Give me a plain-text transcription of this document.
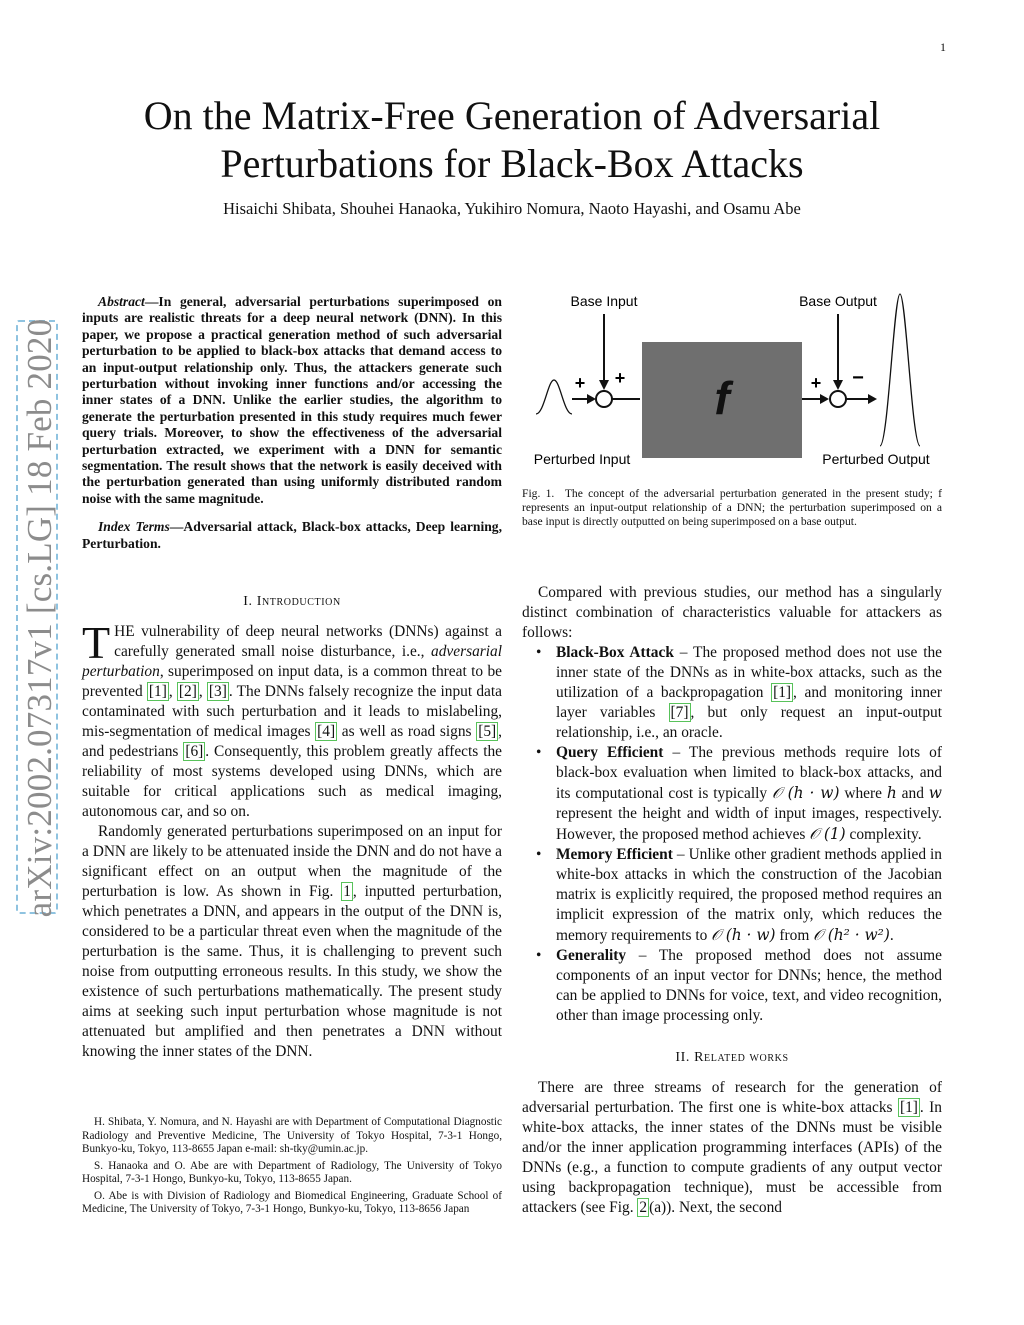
1
arXiv:2002.07317v1 [cs.LG] 18 Feb 2020
On the Matrix-Free Generation of Adversarial
Perturbations for Black-Box Attacks
Hisaichi Shibata, Shouhei Hanaoka, Yukihiro Nomura, Naoto Hayashi, and Osamu Abe
Abstract—In general, adversarial perturbations superimposed on inputs are realistic threats for a deep neural network (DNN). In this paper, we propose a practical generation method of such adversarial perturbation to be applied to black-box attacks that demand access to an input-output relationship only. Thus, the attackers generate such perturbation without invoking inner functions and/or accessing the inner states of a DNN. Unlike the earlier studies, the algorithm to generate the perturbation presented in this study requires much fewer query trials. Moreover, to show the effectiveness of the adversarial perturbation extracted, we experiment with a DNN for semantic segmentation. The result shows that the network is easily deceived with the perturbation generated than using uniformly distributed random noise with the same magnitude.
Index Terms—Adversarial attack, Black-box attacks, Deep learning, Perturbation.
I. Introduction

THE vulnerability of deep neural networks (DNNs) against a carefully generated small noise disturbance, i.e., adversarial perturbation, superimposed on input data, is a common threat to be prevented [1] , [2] , [3] . The DNNs falsely recognize the input data contaminated with such perturbation and it leads to mislabeling, mis-segmentation of medical images [4] as well as road signs [5] , and pedestrians [6] . Consequently, this problem greatly affects the reliability of most systems developed using DNNs, which are suitable for critical applications such as medical imaging, autonomous car, and so on.

Randomly generated perturbations superimposed on an input for a DNN are likely to be attenuated inside the DNN and do not have a significant effect on an output when the magnitude of the perturbation is low. As shown in Fig. 1 , inputted perturbation, which penetrates a DNN, and appears in the output of the DNN is, considered to be a particular threat even when the magnitude of the perturbation is the same. Thus, it is challenging to prevent such noise from outputting erroneous results. In this study, we show the existence of such perturbations mathematically. The present study aims at seeking such input perturbation whose magnitude is not attenuated but amplified and then penetrates a DNN without knowing the inner states of the DNN.

H. Shibata, Y. Nomura, and N. Hayashi are with Department of Computational Diagnostic Radiology and Preventive Medicine, The University of Tokyo Hospital, 7-3-1 Hongo, Bunkyo-ku, Tokyo, 113-8655 Japan e-mail: sh-tky@umin.ac.jp.

S. Hanaoka and O. Abe are with Department of Radiology, The University of Tokyo Hospital, 7-3-1 Hongo, Bunkyo-ku, Tokyo, 113-8655 Japan.

O. Abe is with Division of Radiology and Biomedical Engineering, Graduate School of Medicine, The University of Tokyo, 7-3-1 Hongo, Bunkyo-ku, Tokyo, 113-8656 Japan

Base Input	Base Output
Perturbed Input	Perturbed Output
+ + f	+ −
Fig. 1. The concept of the adversarial perturbation generated in the present study; f represents an input-output relationship of a DNN; the perturbation superimposed on a base input is directly outputted on being superimposed on a base output.

Compared with previous studies, our method has a singularly distinct combination of characteristics valuable for attackers as follows:

• Black-Box Attack – The proposed method does not use the inner state of the DNNs as in white-box attacks, such as the utilization of a backpropagation [1] , and monitoring inner layer variables [7] , but only request an input-output relationship, i.e., an oracle.
• Query Efficient – The previous methods require lots of black-box evaluation when limited to black-box attacks, and its computational cost is typically 𝒪 (h · w) where h and w represent the height and width of input images, respectively. However, the proposed method achieves 𝒪 (1) complexity.
• Memory Efficient – Unlike other gradient methods applied in white-box attacks in which the construction of the Jacobian matrix is explicitly required, the proposed method requires an implicit expression of the matrix only, which reduces the memory requirements to 𝒪 (h · w) from 𝒪 (h² · w²).
• Generality – The proposed method does not assume components of an input vector for DNNs; hence, the method can be applied to DNNs for voice, text, and video recognition, other than image processing only.
II. Related works

There are three streams of research for the generation of adversarial perturbation. The first one is white-box attacks [1] . In white-box attacks, the inner states of the DNNs must be visible and/or the inner application programming interfaces (APIs) of the DNNs (e.g., a function to compute gradients of any output vector using backpropagation technique), must be accessible from attackers (see Fig. 2 (a)). Next, the second
